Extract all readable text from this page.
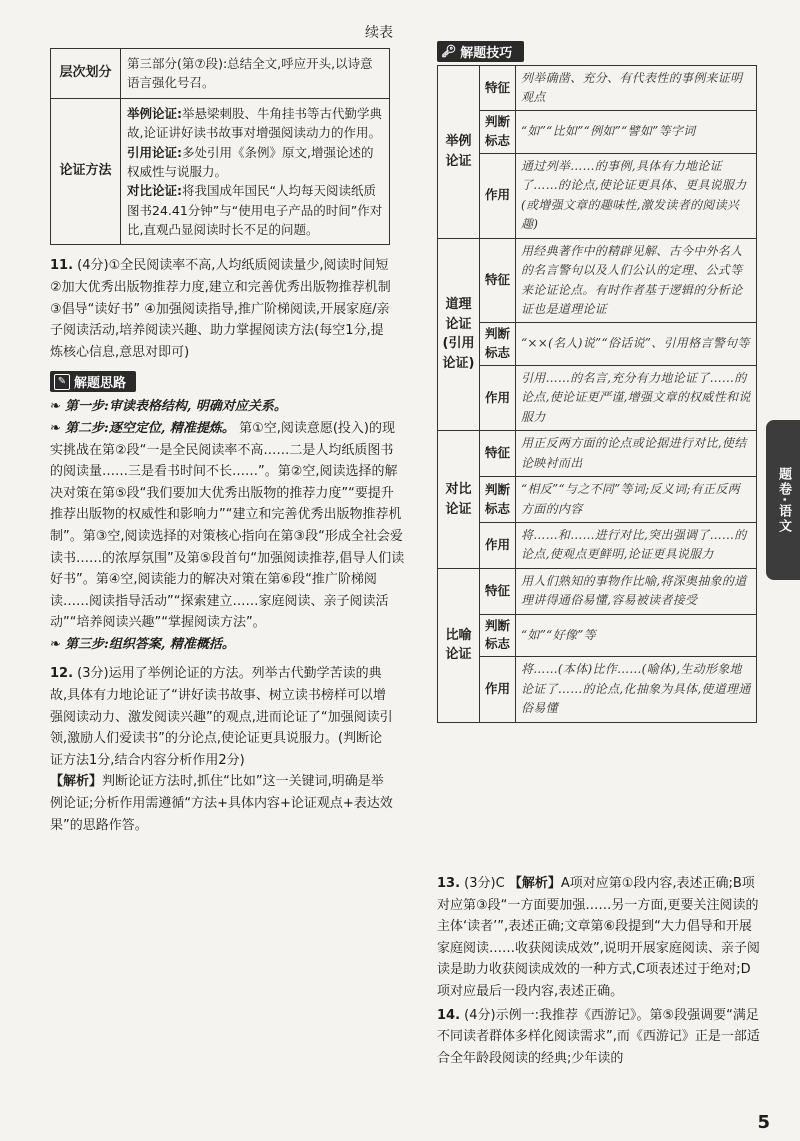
续表
层次划分	第三部分(第⑦段):总结全文,呼应开头,以诗意语言强化号召。
论证方法	举例论证:举悬梁刺股、牛角挂书等古代勤学典故,论证讲好读书故事对增强阅读动力的作用。
引用论证:多处引用《条例》原文,增强论述的权威性与说服力。
对比论证:将我国成年国民“人均每天阅读纸质图书24.41分钟”与“使用电子产品的时间”作对比,直观凸显阅读时长不足的问题。
11. (4分)①全民阅读率不高,人均纸质阅读量少,阅读时间短 ②加大优秀出版物推荐力度,建立和完善优秀出版物推荐机制 ③倡导“读好书” ④加强阅读指导,推广阶梯阅读,开展家庭/亲子阅读活动,培养阅读兴趣、助力掌握阅读方法(每空1分,提炼核心信息,意思对即可)
✎ 解题思路
❧ 第一步:审读表格结构, 明确对应关系。
❧ 第二步:逐空定位, 精准提炼。 第①空,阅读意愿(投入)的现实挑战在第②段“一是全民阅读率不高……二是人均纸质图书的阅读量……三是看书时间不长……”。第②空,阅读选择的解决对策在第⑤段“我们要加大优秀出版物的推荐力度”“要提升推荐出版物的权威性和影响力”“建立和完善优秀出版物推荐机制”。第③空,阅读选择的对策核心指向在第③段“形成全社会爱读书……的浓厚氛围”及第⑤段首句“加强阅读推荐,倡导人们读好书”。第④空,阅读能力的解决对策在第⑥段“推广阶梯阅读……阅读指导活动”“探索建立……家庭阅读、亲子阅读活动”“培养阅读兴趣”“掌握阅读方法”。
❧ 第三步:组织答案, 精准概括。
12. (3分)运用了举例论证的方法。列举古代勤学苦读的典故,具体有力地论证了“讲好读书故事、树立读书榜样可以增强阅读动力、激发阅读兴趣”的观点,进而论证了“加强阅读引领,激励人们爱读书”的分论点,使论证更具说服力。(判断论证方法1分,结合内容分析作用2分)
【解析】判断论证方法时,抓住“比如”这一关键词,明确是举例论证;分析作用需遵循“方法+具体内容+论证观点+表达效果”的思路作答。
🔑︎ 解题技巧
举例论证	特征	列举确凿、充分、有代表性的事例来证明观点
	判断标志	“如”“比如”“例如”“譬如”等字词
	作用	通过列举……的事例,具体有力地论证了……的论点,使论证更具体、更具说服力(或增强文章的趣味性,激发读者的阅读兴趣)
道理论证(引用论证)	特征	用经典著作中的精辟见解、古今中外名人的名言警句以及人们公认的定理、公式等来论证论点。有时作者基于逻辑的分析论证也是道理论证
	判断标志	“××(名人)说”“俗话说”、引用格言警句等
	作用	引用……的名言,充分有力地论证了……的论点,使论证更严谨,增强文章的权威性和说服力
对比论证	特征	用正反两方面的论点或论据进行对比,使结论映衬而出
	判断标志	“相反”“与之不同”等词;反义词;有正反两方面的内容
	作用	将……和……进行对比,突出强调了……的论点,使观点更鲜明,论证更具说服力
比喻论证	特征	用人们熟知的事物作比喻,将深奥抽象的道理讲得通俗易懂,容易被读者接受
	判断标志	“如”“好像”等
	作用	将……(本体)比作……(喻体),生动形象地论证了……的论点,化抽象为具体,使道理通俗易懂

13. (3分)C 【解析】A项对应第①段内容,表述正确;B项对应第③段“一方面要加强……另一方面,更要关注阅读的主体‘读者’”,表述正确;文章第⑥段提到“大力倡导和开展家庭阅读……收获阅读成效”,说明开展家庭阅读、亲子阅读是助力收获阅读成效的一种方式,C项表述过于绝对;D项对应最后一段内容,表述正确。

14. (4分)示例一:我推荐《西游记》。第⑤段强调要“满足不同读者群体多样化阅读需求”,而《西游记》正是一部适合全年龄段阅读的经典;少年读的

题卷·语文
5
